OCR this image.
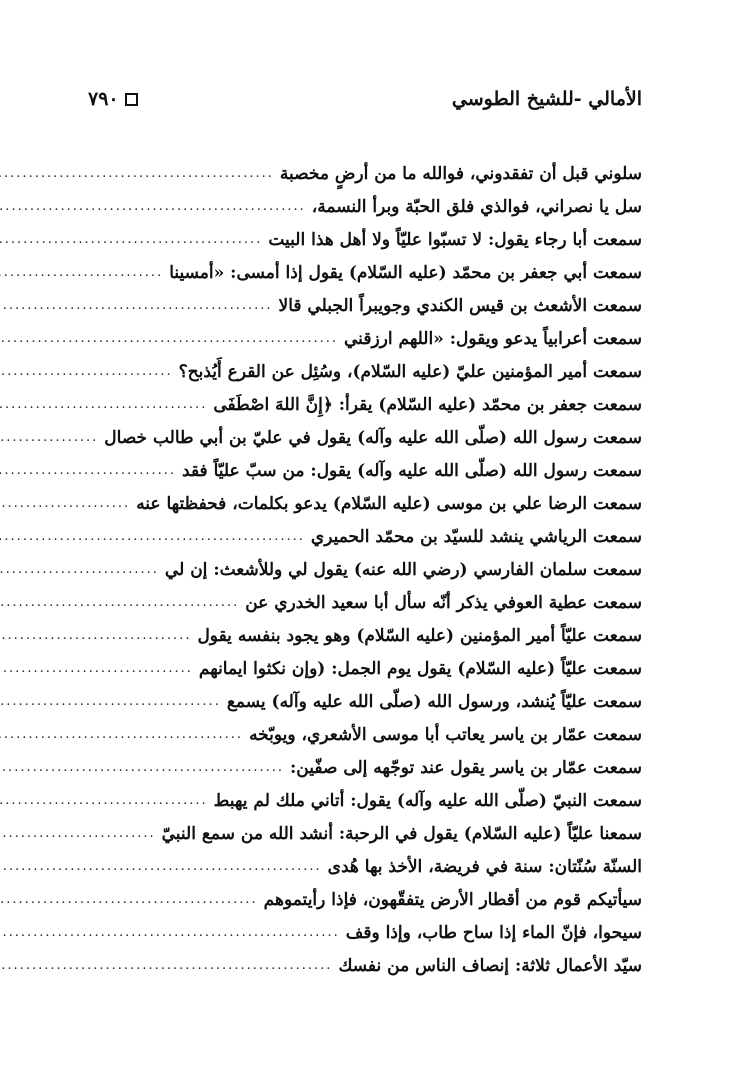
الأمالي -للشيخ الطوسي
٧٩٠
سلوني قبل أن تفقدوني، فوالله ما من أرضٍ مخصبة
.....
سل يا نصراني، فوالذي فلق الحبّة وبرأ النسمة،
.....
سمعت أبا رجاء يقول: لا تسبّوا عليّاً ولا أهل هذا البيت
.....
سمعت أبي جعفر بن محمّد (عليه السّلام) يقول إذا أمسى: «أمسينا
.....
سمعت الأشعث بن قيس الكندي وجويبراً الجبلي قالا
.....
سمعت أعرابياً يدعو ويقول: «اللهم ارزقني
.....
سمعت أمير المؤمنين عليّ (عليه السّلام)، وسُئِل عن القرع أَيُذبح؟
.....
سمعت جعفر بن محمّد (عليه السّلام) يقرأ: ﴿إِنَّ اللهَ اصْطَفَى
.....
سمعت رسول الله (صلّى الله عليه وآله) يقول في عليّ بن أبي طالب خصال
.....
سمعت رسول الله (صلّى الله عليه وآله) يقول: من سبّ عليّاً فقد
.....
سمعت الرضا علي بن موسى (عليه السّلام) يدعو بكلمات، فحفظتها عنه
.....
سمعت الرياشي ينشد للسيّد بن محمّد الحميري
.....
سمعت سلمان الفارسي (رضي الله عنه) يقول لي وللأشعث: إن لي
.....
سمعت عطية العوفي يذكر أنّه سأل أبا سعيد الخدري عن
.....
سمعت عليّاً أمير المؤمنين (عليه السّلام) وهو يجود بنفسه يقول
.....
سمعت عليّاً (عليه السّلام) يقول يوم الجمل: (وإن نكثوا ايمانهم
.....
سمعت عليّاً يُنشد، ورسول الله (صلّى الله عليه وآله) يسمع
.....
سمعت عمّار بن ياسر يعاتب أبا موسى الأشعري، ويوبّخه
.....
سمعت عمّار بن ياسر يقول عند توجّهه إلى صفّين:
.....
سمعت النبيّ (صلّى الله عليه وآله) يقول: أتاني ملك لم يهبط
.....
سمعنا عليّاً (عليه السّلام) يقول في الرحبة: أنشد الله من سمع النبيّ
.....
السنّة سُنّتان: سنة في فريضة، الأخذ بها هُدى
.....
سيأتيكم قوم من أقطار الأرض يتفقّهون، فإذا رأيتموهم
.....
سيحوا، فإنّ الماء إذا ساح طاب، وإذا وقف
.....
سيّد الأعمال ثلاثة: إنصاف الناس من نفسك
.....
